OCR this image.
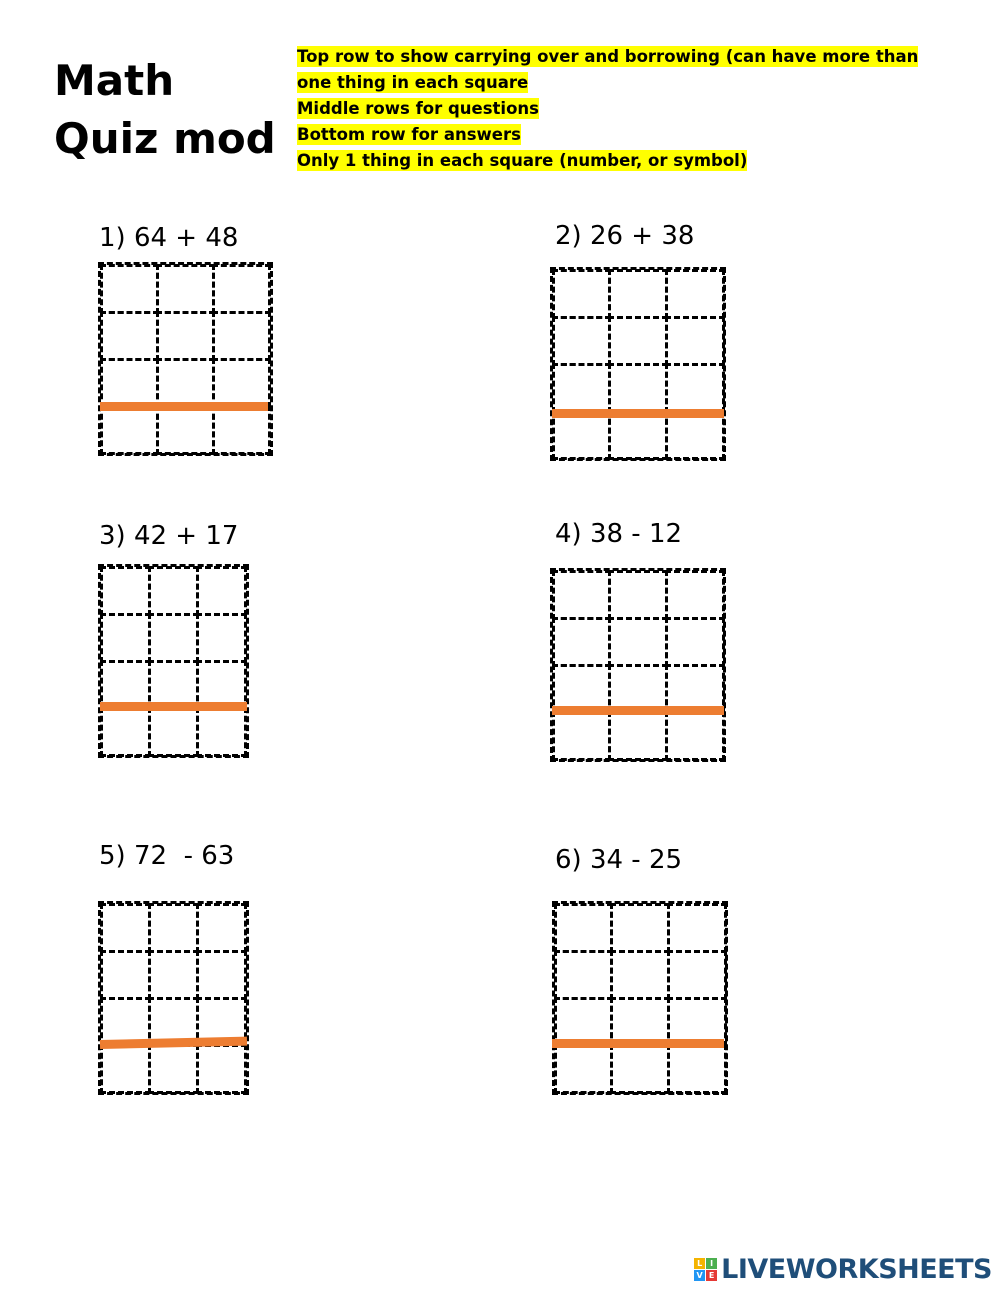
Math
Quiz mod
Top row to show carrying over and borrowing (can have more than
one thing in each square
Middle rows for questions
Bottom row for answers
Only 1 thing in each square (number, or symbol)
1) 64 + 48	2) 26 + 38
3) 42 + 17	4) 38 - 12
5) 72  - 63	6) 34 - 25
L I
V E LIVEWORKSHEETS
